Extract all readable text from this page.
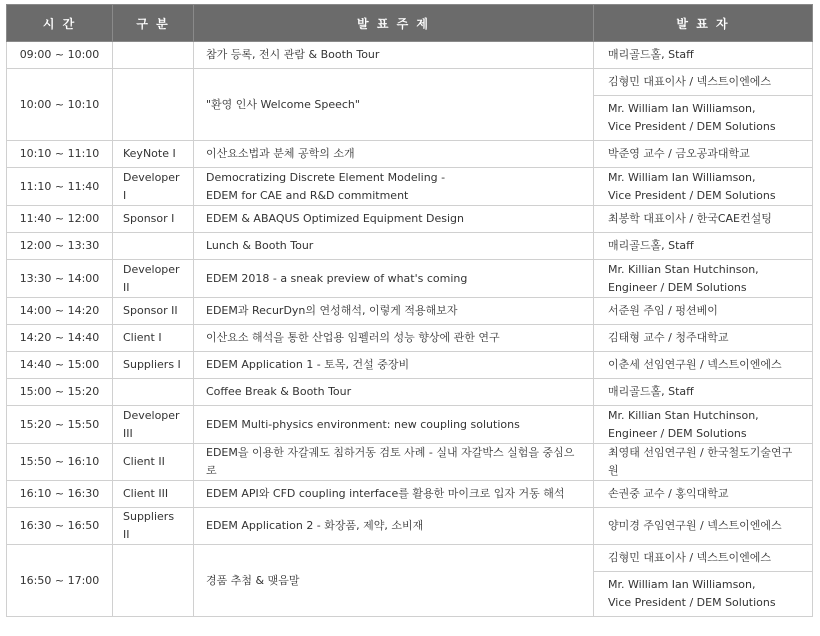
시 간	구 분	발 표 주 제	발 표 자
09:00 ~ 10:00		참가 등록, 전시 관람 & Booth Tour	매리골드홀, Staff

10:00 ~ 10:10		"환영 인사 Welcome Speech"	김형민 대표이사 / 넥스트이엔에스

			Mr. William Ian Williamson,
Vice President / DEM Solutions

10:10 ~ 11:10	KeyNote I	이산요소법과 분체 공학의 소개	박준영 교수 / 금오공과대학교

11:10 ~ 11:40	Developer I	Democratizing Discrete Element Modeling -
EDEM for CAE and R&D commitment	Mr. William Ian Williamson,
Vice President / DEM Solutions

11:40 ~ 12:00	Sponsor I	EDEM & ABAQUS Optimized Equipment Design	최봉학 대표이사 / 한국CAE컨설팅

12:00 ~ 13:30		Lunch & Booth Tour	매리골드홀, Staff

13:30 ~ 14:00	Developer II	EDEM 2018 - a sneak preview of what's coming	Mr. Killian Stan Hutchinson,
Engineer / DEM Solutions

14:00 ~ 14:20	Sponsor II	EDEM과 RecurDyn의 연성해석, 이렇게 적용해보자	서준원 주임 / 펑션베이

14:20 ~ 14:40	Client I	이산요소 해석을 통한 산업용 임펠러의 성능 향상에 관한 연구	김태형 교수 / 청주대학교

14:40 ~ 15:00	Suppliers I	EDEM Application 1 - 토목, 건설 중장비	이춘세 선임연구원 / 넥스트이엔에스

15:00 ~ 15:20		Coffee Break & Booth Tour	매리골드홀, Staff

15:20 ~ 15:50	Developer III	EDEM Multi-physics environment: new coupling solutions	Mr. Killian Stan Hutchinson,
Engineer / DEM Solutions

15:50 ~ 16:10	Client II	EDEM을 이용한 자갈궤도 침하거동 검토 사례 - 실내 자갈박스 실험을 중심으로	최영태 선임연구원 / 한국철도기술연구원

16:10 ~ 16:30	Client III	EDEM API와 CFD coupling interface를 활용한 마이크로 입자 거동 해석	손권중 교수 / 홍익대학교

16:30 ~ 16:50	Suppliers II	EDEM Application 2 - 화장품, 제약, 소비재	양미경 주임연구원 / 넥스트이엔에스

16:50 ~ 17:00		경품 추첨 & 맺음말	김형민 대표이사 / 넥스트이엔에스

			Mr. William Ian Williamson,
Vice President / DEM Solutions
